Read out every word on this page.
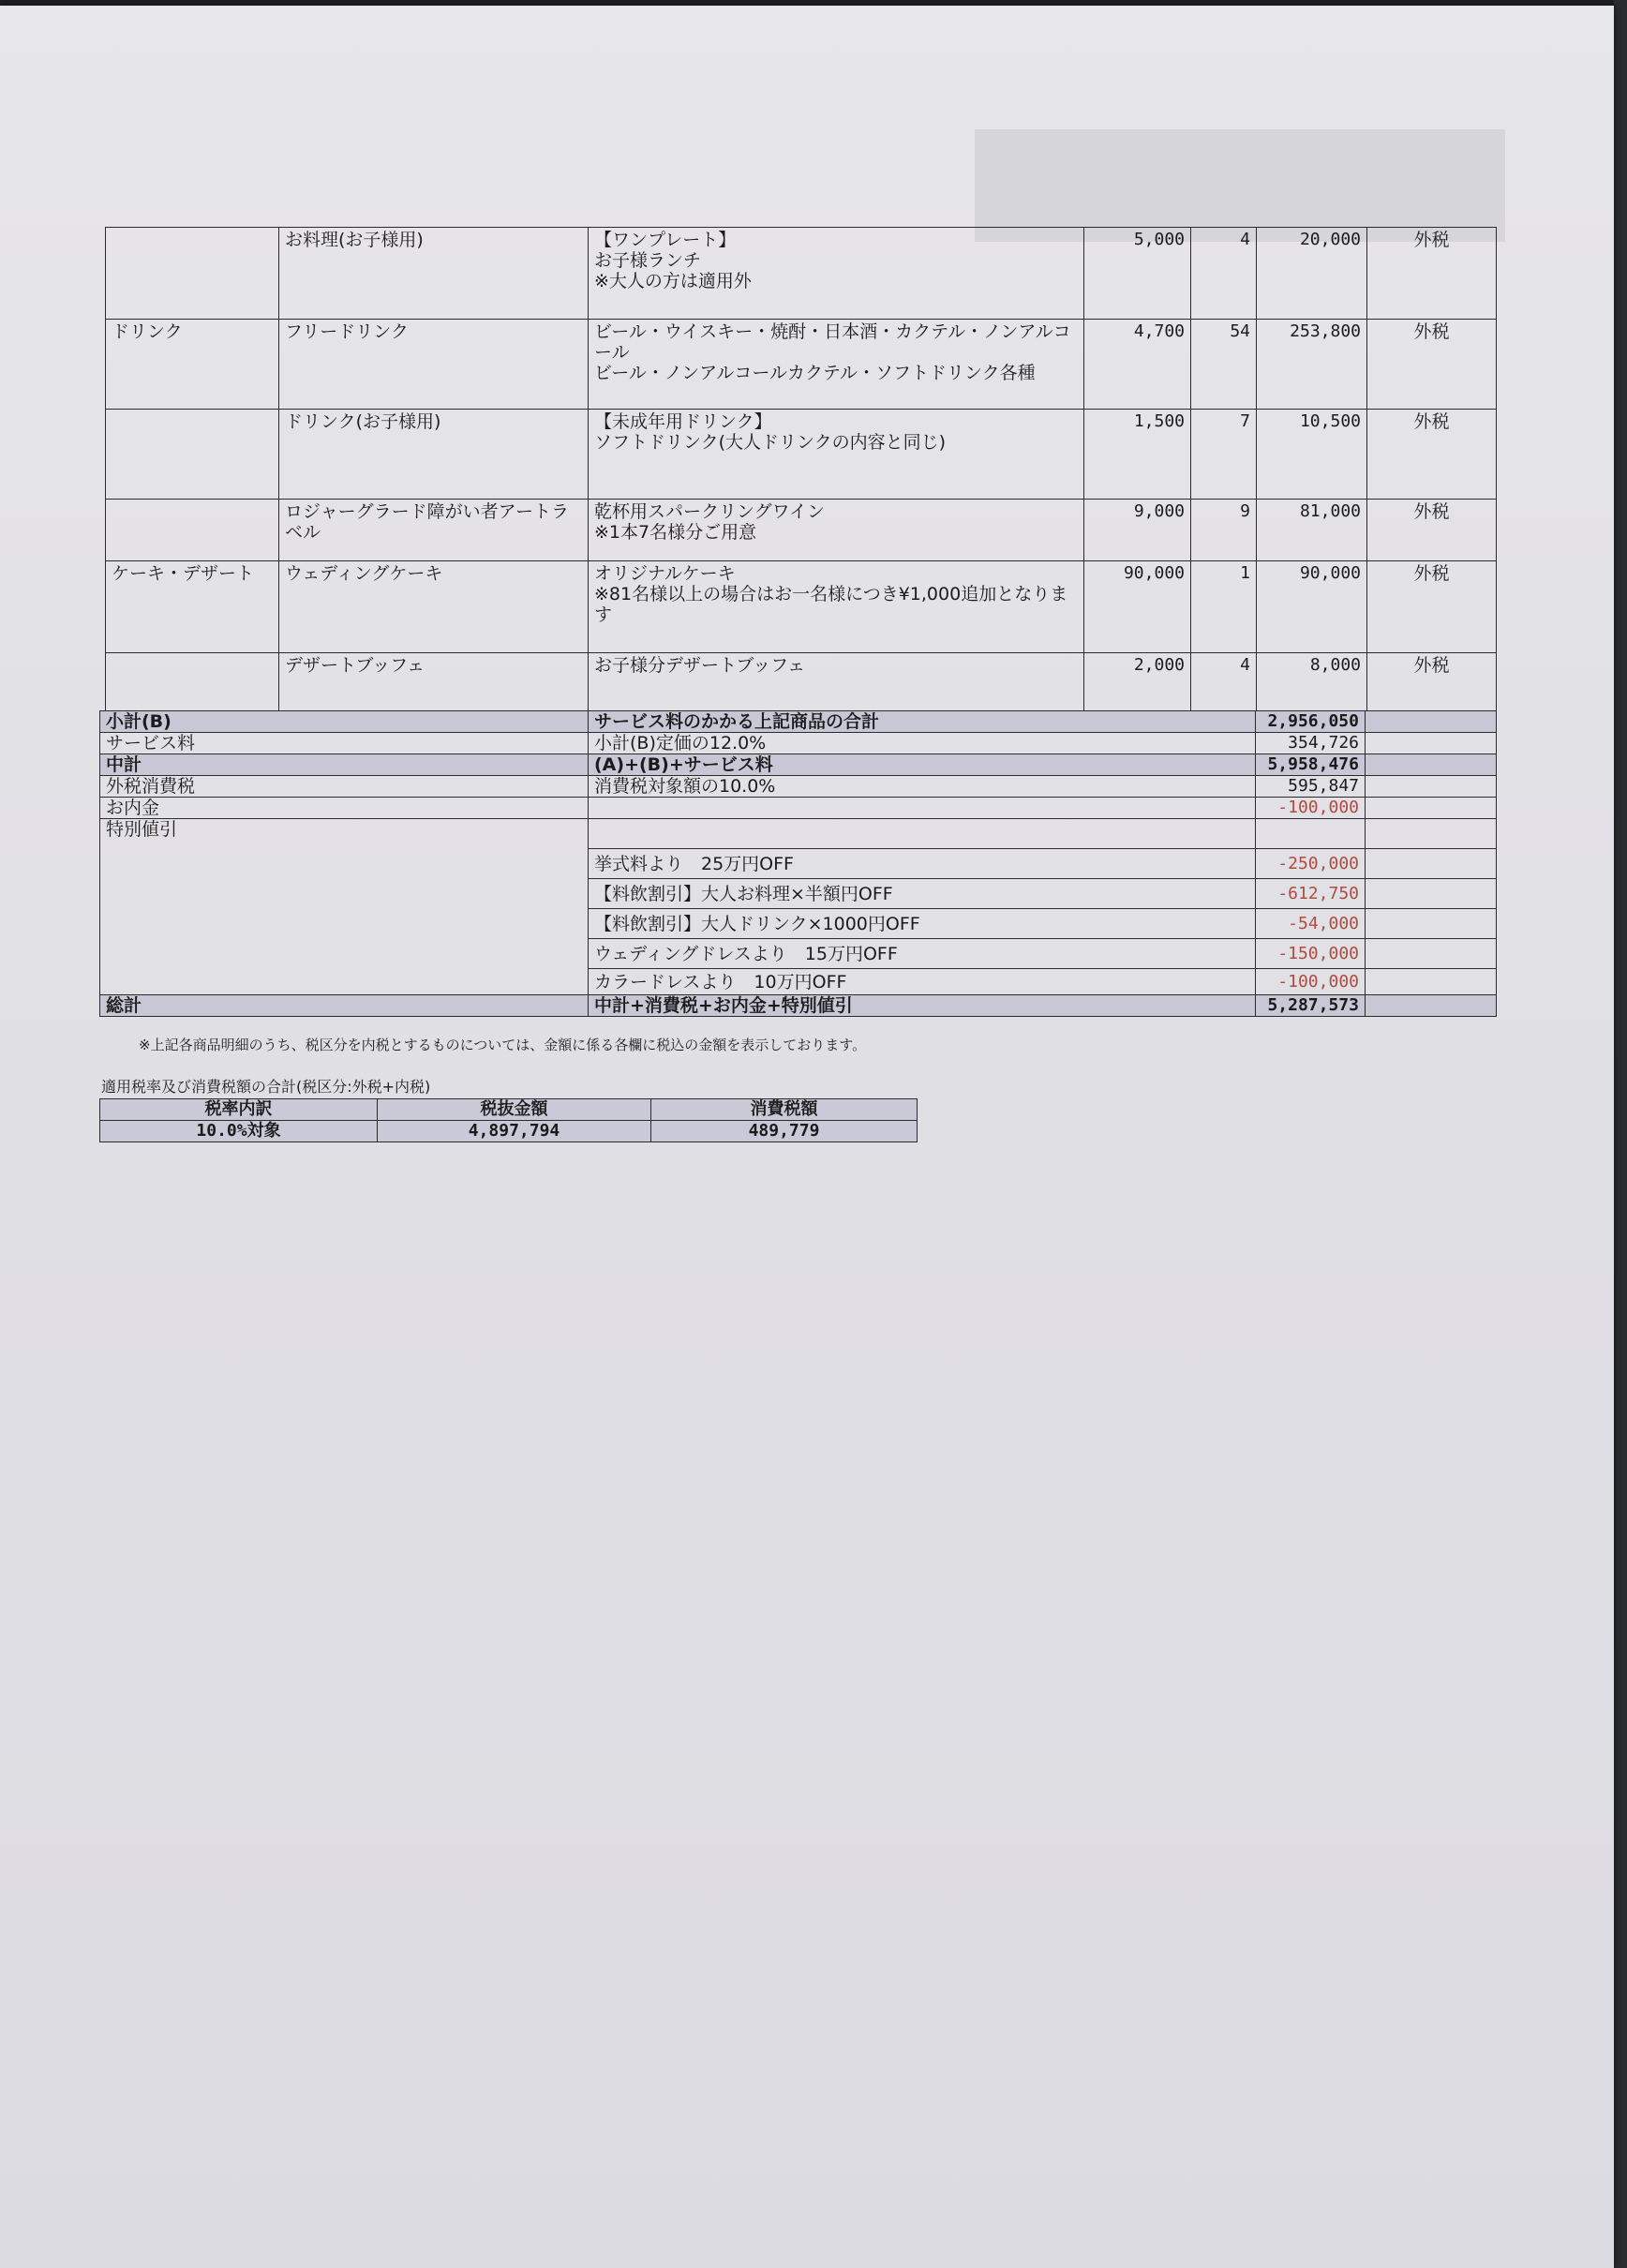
	お料理(お子様用)	【ワンプレート】
お子様ランチ
※大人の方は適用外	5,000	4	20,000	外税
ドリンク	フリードリンク	ビール・ウイスキー・焼酎・日本酒・カクテル・ノンアルコール
ビール・ノンアルコールカクテル・ソフトドリンク各種	4,700	54	253,800	外税
	ドリンク(お子様用)	【未成年用ドリンク】
ソフトドリンク(大人ドリンクの内容と同じ)	1,500	7	10,500	外税
	ロジャーグラード障がい者アートラベル	乾杯用スパークリングワイン
※1本7名様分ご用意	9,000	9	81,000	外税
ケーキ・デザート	ウェディングケーキ	オリジナルケーキ
※81名様以上の場合はお一名様につき¥1,000追加となります	90,000	1	90,000	外税
	デザートブッフェ	お子様分デザートブッフェ	2,000	4	8,000	外税
小計(B)	サービス料のかかる上記商品の合計	2,956,050	
サービス料	小計(B)定価の12.0%	354,726	
中計	(A)+(B)+サービス料	5,958,476	
外税消費税	消費税対象額の10.0%	595,847	
お内金		-100,000	
特別値引			
	挙式料より　25万円OFF	-250,000	
	【料飲割引】大人お料理×半額円OFF	-612,750	
	【料飲割引】大人ドリンク×1000円OFF	-54,000	
	ウェディングドレスより　15万円OFF	-150,000	
	カラードレスより　10万円OFF	-100,000	
総計	中計+消費税+お内金+特別値引	5,287,573	
※上記各商品明細のうち、税区分を内税とするものについては、金額に係る各欄に税込の金額を表示しております。
適用税率及び消費税額の合計(税区分:外税+内税)
税率内訳	税抜金額	消費税額
10.0%対象	4,897,794	489,779
